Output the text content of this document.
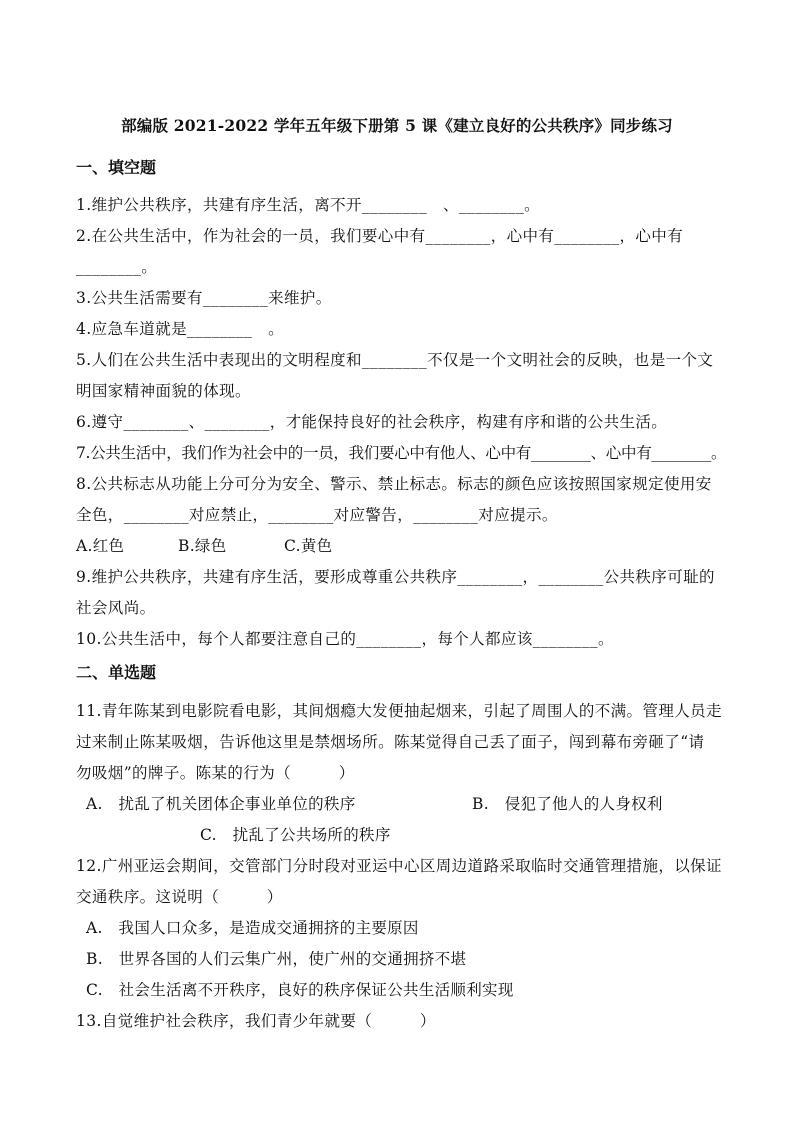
部编版 2021-2022 学年五年级下册第 5 课《建立良好的公共秩序》同步练习
一、填空题
1.维护公共秩序，共建有序生活，离不开________　、________。
2.在公共生活中，作为社会的一员，我们要心中有________，心中有________，心中有
________。
3.公共生活需要有________来维护。
4.应急车道就是________　。
5.人们在公共生活中表现出的文明程度和________不仅是一个文明社会的反映，也是一个文
明国家精神面貌的体现。
6.遵守________、________，才能保持良好的社会秩序，构建有序和谐的公共生活。
7.公共生活中，我们作为社会中的一员，我们要心中有他人、心中有________、心中有________。
8.公共标志从功能上分可分为安全、警示、禁止标志。标志的颜色应该按照国家规定使用安
全色，________对应禁止，________对应警告，________对应提示。
A.红色	B.绿色	C.黄色
9.维护公共秩序，共建有序生活，要形成尊重公共秩序________，________公共秩序可耻的
社会风尚。
10.公共生活中，每个人都要注意自己的________，每个人都应该________。
二、单选题
11.青年陈某到电影院看电影，其间烟瘾大发便抽起烟来，引起了周围人的不满。管理人员走
过来制止陈某吸烟，告诉他这里是禁烟场所。陈某觉得自己丢了面子，闯到幕布旁砸了“请
勿吸烟”的牌子。陈某的行为（　　　）
A.　扰乱了机关团体企事业单位的秩序	B.　侵犯了他人的人身权利
C.　扰乱了公共场所的秩序
12.广州亚运会期间，交管部门分时段对亚运中心区周边道路采取临时交通管理措施，以保证
交通秩序。这说明（　　　）
A.　我国人口众多，是造成交通拥挤的主要原因
B.　世界各国的人们云集广州，使广州的交通拥挤不堪
C.　社会生活离不开秩序，良好的秩序保证公共生活顺利实现
13.自觉维护社会秩序，我们青少年就要（　　　）
